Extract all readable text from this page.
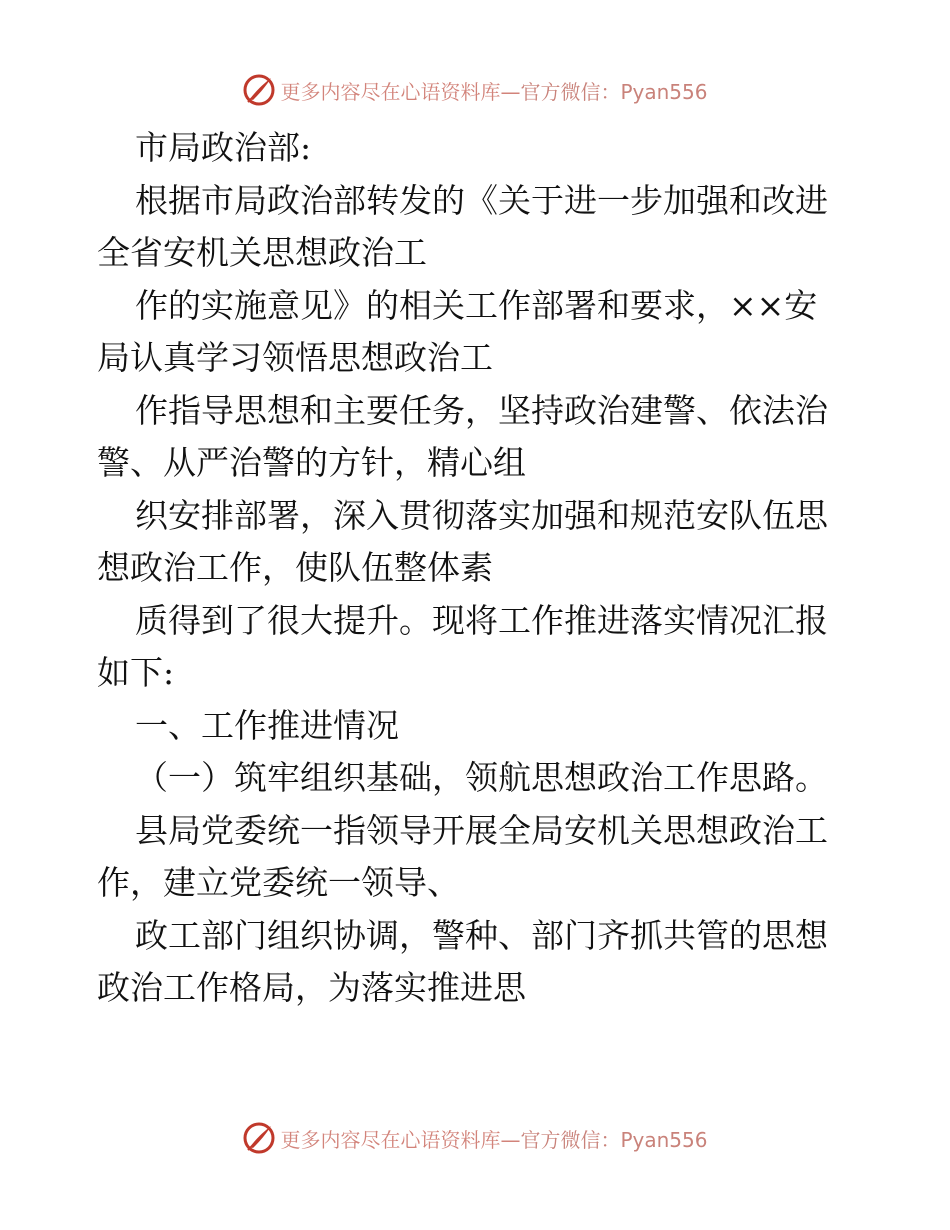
更多内容尽在心语资料库—官方微信：Pyan556
市局政治部:
根据市局政治部转发的《关于进一步加强和改进
全省安机关思想政治工
作的实施意见》的相关工作部署和要求，××安
局认真学习领悟思想政治工
作指导思想和主要任务，坚持政治建警、依法治
警、从严治警的方针，精心组
织安排部署，深入贯彻落实加强和规范安队伍思
想政治工作，使队伍整体素
质得到了很大提升。现将工作推进落实情况汇报
如下:
一、工作推进情况
（一）筑牢组织基础，领航思想政治工作思路。
县局党委统一指领导开展全局安机关思想政治工
作，建立党委统一领导、
政工部门组织协调，警种、部门齐抓共管的思想
政治工作格局，为落实推进思
更多内容尽在心语资料库—官方微信：Pyan556
